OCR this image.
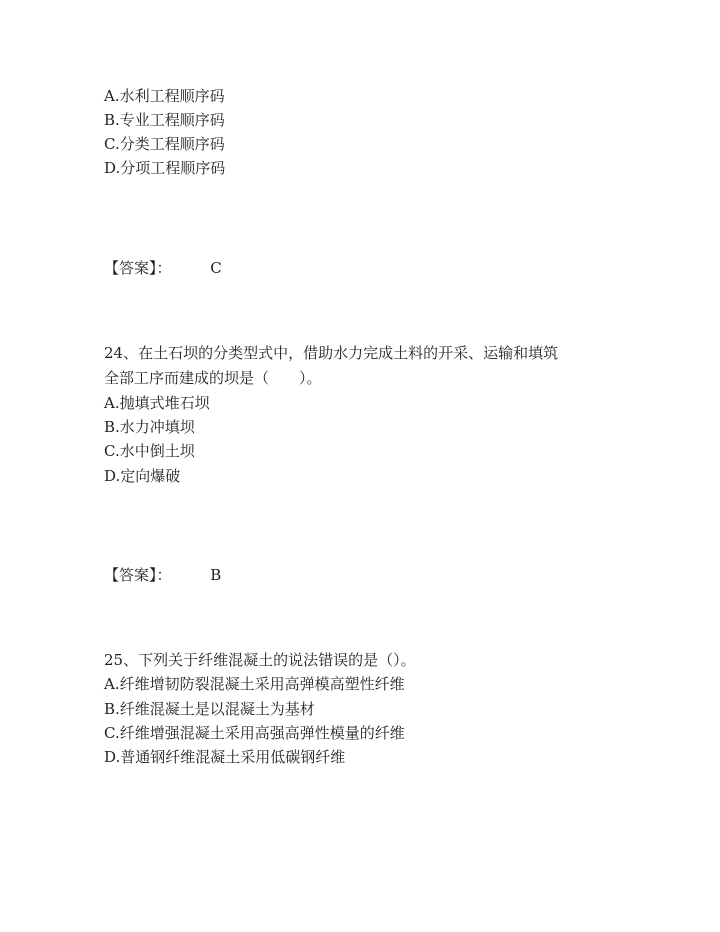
A.水利工程顺序码
B.专业工程顺序码
C.分类工程顺序码
D.分项工程顺序码
【答案】：	C
24、在土石坝的分类型式中，借助水力完成土料的开采、运输和填筑
全部工序而建成的坝是（　　）。
A.抛填式堆石坝
B.水力冲填坝
C.水中倒土坝
D.定向爆破
【答案】：	B
25、下列关于纤维混凝土的说法错误的是（）。
A.纤维增韧防裂混凝土采用高弹模高塑性纤维
B.纤维混凝土是以混凝土为基材
C.纤维增强混凝土采用高强高弹性模量的纤维
D.普通钢纤维混凝土采用低碳钢纤维
